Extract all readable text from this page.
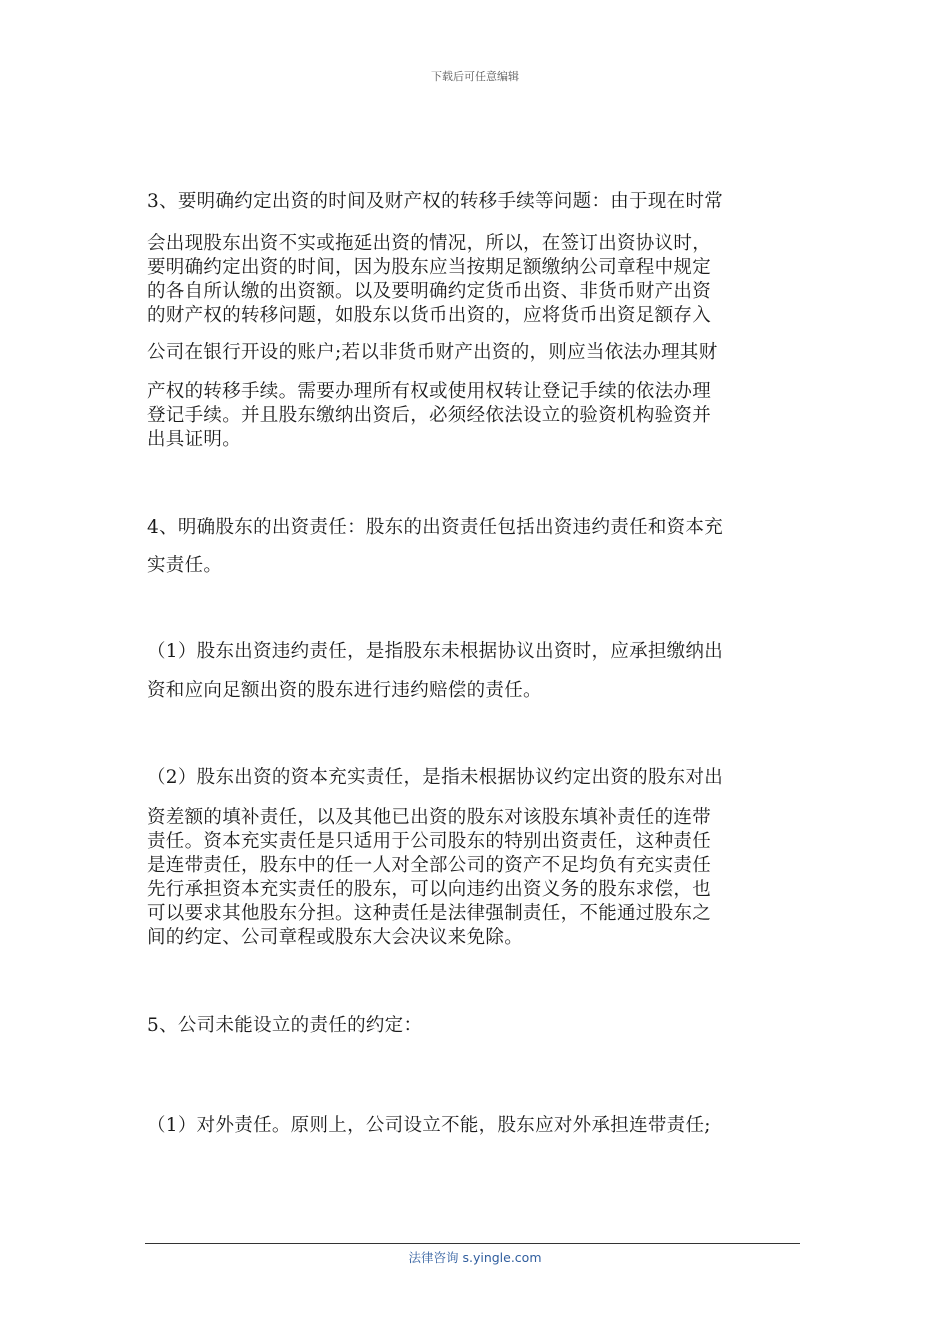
下载后可任意编辑
3、要明确约定出资的时间及财产权的转移手续等问题：由于现在时常
会出现股东出资不实或拖延出资的情况，所以，在签订出资协议时，
要明确约定出资的时间，因为股东应当按期足额缴纳公司章程中规定
的各自所认缴的出资额。以及要明确约定货币出资、非货币财产出资
的财产权的转移问题，如股东以货币出资的，应将货币出资足额存入
公司在银行开设的账户;若以非货币财产出资的，则应当依法办理其财
产权的转移手续。需要办理所有权或使用权转让登记手续的依法办理
登记手续。并且股东缴纳出资后，必须经依法设立的验资机构验资并
出具证明。
4、明确股东的出资责任：股东的出资责任包括出资违约责任和资本充
实责任。
（1）股东出资违约责任，是指股东未根据协议出资时，应承担缴纳出
资和应向足额出资的股东进行违约赔偿的责任。
（2）股东出资的资本充实责任，是指未根据协议约定出资的股东对出
资差额的填补责任，以及其他已出资的股东对该股东填补责任的连带
责任。资本充实责任是只适用于公司股东的特别出资责任，这种责任
是连带责任，股东中的任一人对全部公司的资产不足均负有充实责任
先行承担资本充实责任的股东，可以向违约出资义务的股东求偿，也
可以要求其他股东分担。这种责任是法律强制责任，不能通过股东之
间的约定、公司章程或股东大会决议来免除。
5、公司未能设立的责任的约定：
（1）对外责任。原则上，公司设立不能，股东应对外承担连带责任;
法律咨询 s.yingle.com
